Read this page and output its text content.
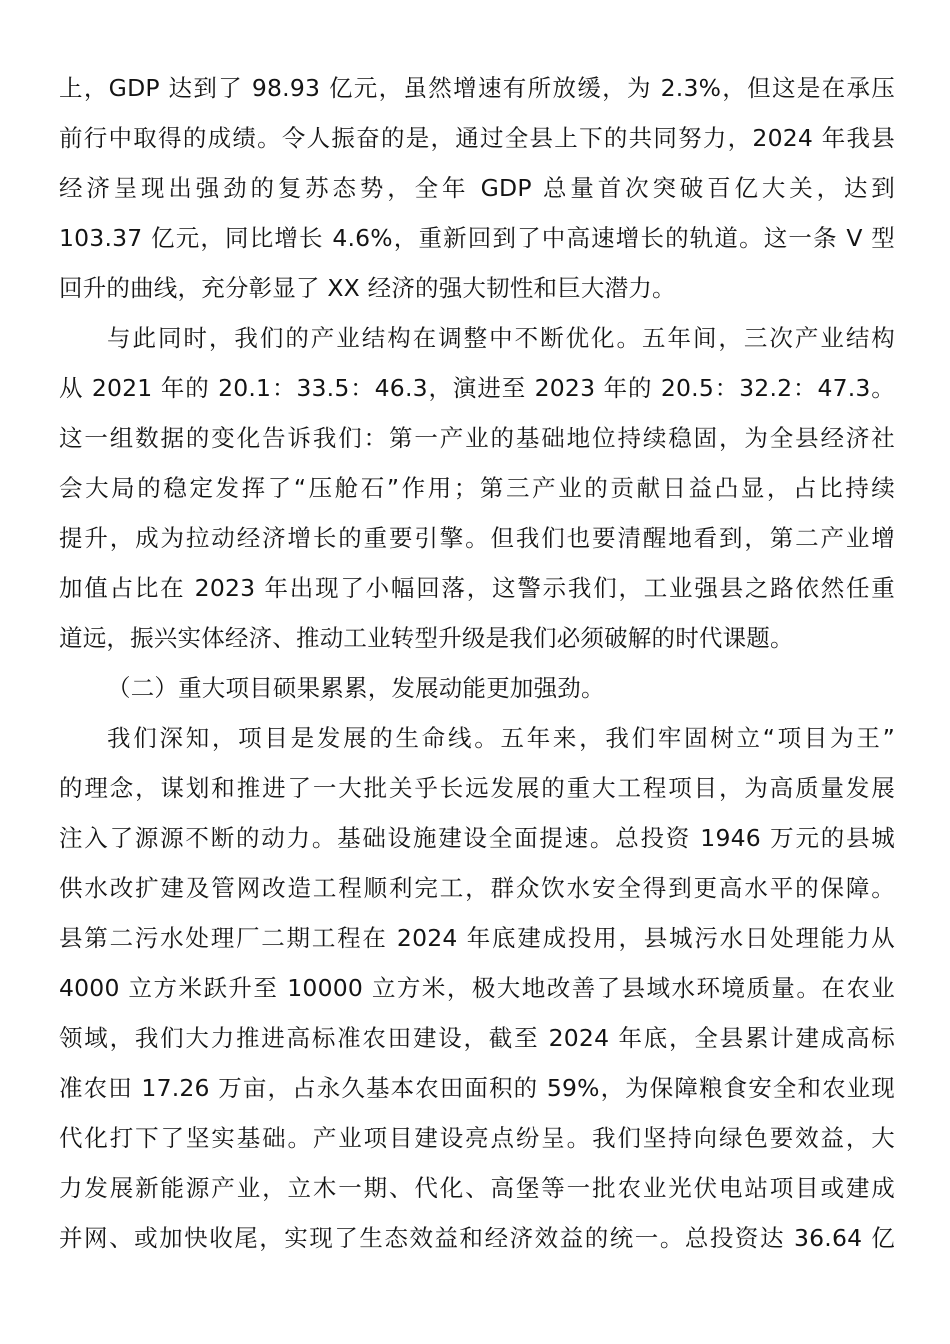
上，GDP 达到了 98.93 亿元，虽然增速有所放缓，为 2.3%，但这是在承压
前行中取得的成绩。令人振奋的是，通过全县上下的共同努力，2024 年我县
经济呈现出强劲的复苏态势，全年 GDP 总量首次突破百亿大关，达到
103.37 亿元，同比增长 4.6%，重新回到了中高速增长的轨道。这一条 V 型
回升的曲线，充分彰显了 XX 经济的强大韧性和巨大潜力。
与此同时，我们的产业结构在调整中不断优化。五年间，三次产业结构
从 2021 年的 20.1：33.5：46.3，演进至 2023 年的 20.5：32.2：47.3。
这一组数据的变化告诉我们：第一产业的基础地位持续稳固，为全县经济社
会大局的稳定发挥了“压舱石”作用；第三产业的贡献日益凸显，占比持续
提升，成为拉动经济增长的重要引擎。但我们也要清醒地看到，第二产业增
加值占比在 2023 年出现了小幅回落，这警示我们，工业强县之路依然任重
道远，振兴实体经济、推动工业转型升级是我们必须破解的时代课题。
（二）重大项目硕果累累，发展动能更加强劲。
我们深知，项目是发展的生命线。五年来，我们牢固树立“项目为王”
的理念，谋划和推进了一大批关乎长远发展的重大工程项目，为高质量发展
注入了源源不断的动力。基础设施建设全面提速。总投资 1946 万元的县城
供水改扩建及管网改造工程顺利完工，群众饮水安全得到更高水平的保障。
县第二污水处理厂二期工程在 2024 年底建成投用，县城污水日处理能力从
4000 立方米跃升至 10000 立方米，极大地改善了县域水环境质量。在农业
领域，我们大力推进高标准农田建设，截至 2024 年底，全县累计建成高标
准农田 17.26 万亩，占永久基本农田面积的 59%，为保障粮食安全和农业现
代化打下了坚实基础。产业项目建设亮点纷呈。我们坚持向绿色要效益，大
力发展新能源产业，立木一期、代化、高堡等一批农业光伏电站项目或建成
并网、或加快收尾，实现了生态效益和经济效益的统一。总投资达 36.64 亿
